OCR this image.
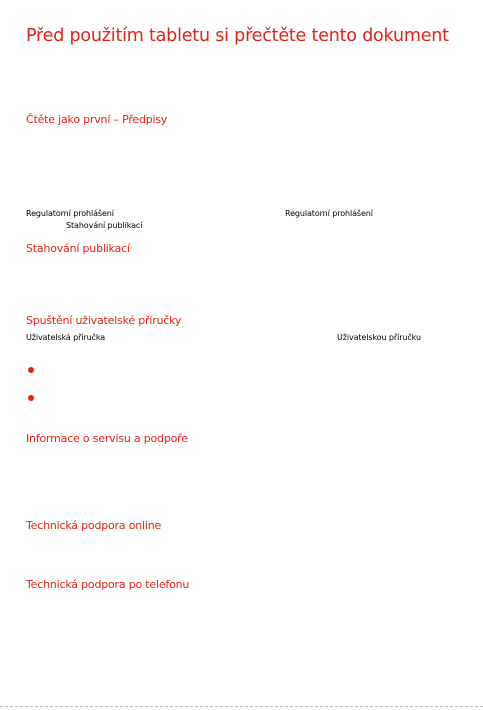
Před použitím tabletu si přečtěte tento dokument
Čtěte jako první – Předpisy
Regulatorní prohlášení	Regulatorní prohlášení
Stahování publikací
Stahování publikací
Spuštění uživatelské příručky
Uživatelská příručka	Uživatelskou příručku
Informace o servisu a podpoře
Technická podpora online
Technická podpora po telefonu
